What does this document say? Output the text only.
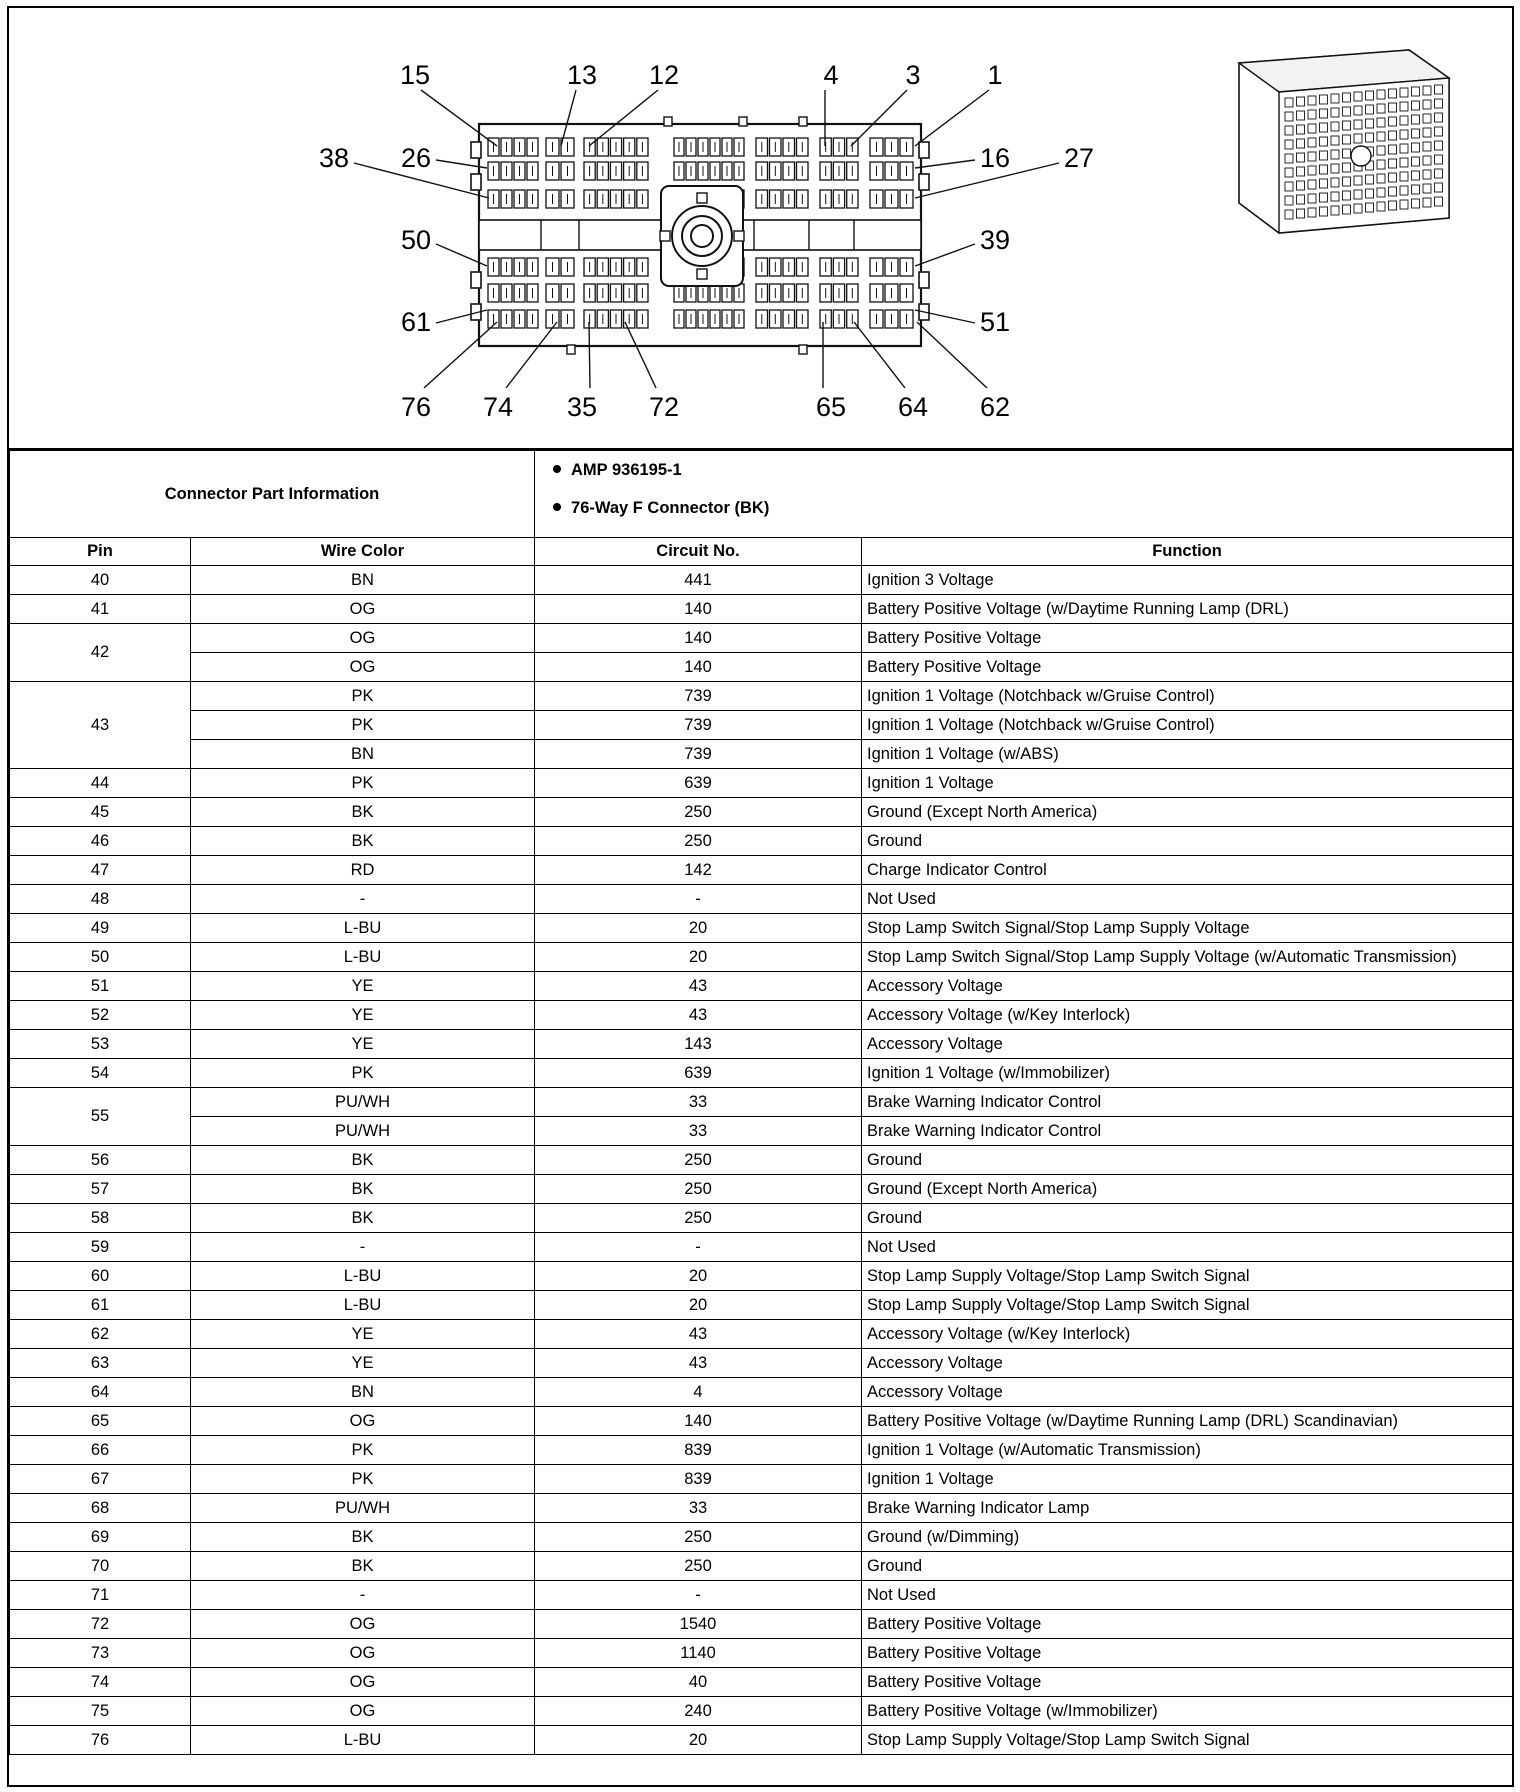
15	13 12	4 3 1
38 26
50
61
16 27
39
51
76 74 35 72	65 64 62
Connector Part Information		AMP 936195-1
76-Way F Connector (BK)	

Pin	Wire Color	Circuit No.	Function
40	BN	441	Ignition 3 Voltage
41	OG	140	Battery Positive Voltage (w/Daytime Running Lamp (DRL)
42	OG	140	Battery Positive Voltage
	OG	140	Battery Positive Voltage
43	PK	739	Ignition 1 Voltage (Notchback w/Gruise Control)
	PK	739	Ignition 1 Voltage (Notchback w/Gruise Control)
	BN	739	Ignition 1 Voltage (w/ABS)
44	PK	639	Ignition 1 Voltage
45	BK	250	Ground (Except North America)
46	BK	250	Ground
47	RD	142	Charge Indicator Control
48	-	-	Not Used
49	L-BU	20	Stop Lamp Switch Signal/Stop Lamp Supply Voltage
50	L-BU	20	Stop Lamp Switch Signal/Stop Lamp Supply Voltage (w/Automatic Transmission)
51	YE	43	Accessory Voltage
52	YE	43	Accessory Voltage (w/Key Interlock)
53	YE	143	Accessory Voltage
54	PK	639	Ignition 1 Voltage (w/Immobilizer)
55	PU/WH	33	Brake Warning Indicator Control
	PU/WH	33	Brake Warning Indicator Control
56	BK	250	Ground
57	BK	250	Ground (Except North America)
58	BK	250	Ground
59	-	-	Not Used
60	L-BU	20	Stop Lamp Supply Voltage/Stop Lamp Switch Signal
61	L-BU	20	Stop Lamp Supply Voltage/Stop Lamp Switch Signal
62	YE	43	Accessory Voltage (w/Key Interlock)
63	YE	43	Accessory Voltage
64	BN	4	Accessory Voltage
65	OG	140	Battery Positive Voltage (w/Daytime Running Lamp (DRL) Scandinavian)
66	PK	839	Ignition 1 Voltage (w/Automatic Transmission)
67	PK	839	Ignition 1 Voltage
68	PU/WH	33	Brake Warning Indicator Lamp
69	BK	250	Ground (w/Dimming)
70	BK	250	Ground
71	-	-	Not Used
72	OG	1540	Battery Positive Voltage
73	OG	1140	Battery Positive Voltage
74	OG	40	Battery Positive Voltage
75	OG	240	Battery Positive Voltage (w/Immobilizer)
76	L-BU	20	Stop Lamp Supply Voltage/Stop Lamp Switch Signal
